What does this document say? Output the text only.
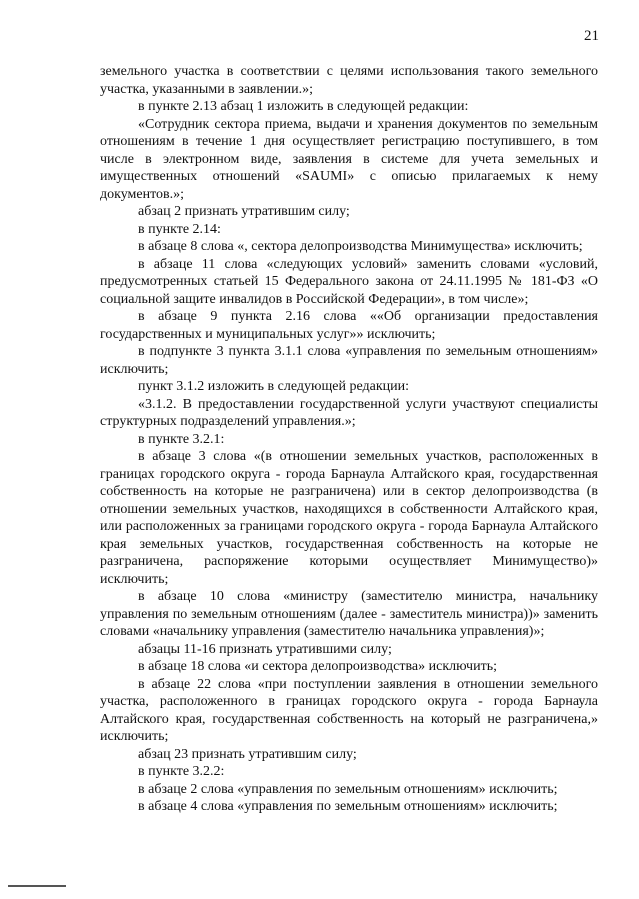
21

земельного участка в соответствии с целями использования такого земельного участка, указанными в заявлении.»;

в пункте 2.13 абзац 1 изложить в следующей редакции:

«Сотрудник сектора приема, выдачи и хранения документов по земельным отношениям в течение 1 дня осуществляет регистрацию поступившего, в том числе в электронном виде, заявления в системе для учета земельных и имущественных отношений «SAUMI» с описью прилагаемых к нему документов.»;

абзац 2 признать утратившим силу;

в пункте 2.14:

в абзаце 8 слова «, сектора делопроизводства Минимущества» исключить;

в абзаце 11 слова «следующих условий» заменить словами «условий, предусмотренных статьей 15 Федерального закона от 24.11.1995 № 181-ФЗ «О социальной защите инвалидов в Российской Федерации», в том числе»;

в абзаце 9 пункта 2.16 слова ««Об организации предоставления государственных и муниципальных услуг»» исключить;

в подпункте 3 пункта 3.1.1 слова «управления по земельным отношениям» исключить;

пункт 3.1.2 изложить в следующей редакции:

«3.1.2. В предоставлении государственной услуги участвуют специалисты структурных подразделений управления.»;

в пункте 3.2.1:

в абзаце 3 слова «(в отношении земельных участков, расположенных в границах городского округа - города Барнаула Алтайского края, государственная собственность на которые не разграничена) или в сектор делопроизводства (в отношении земельных участков, находящихся в собственности Алтайского края, или расположенных за границами городского округа - города Барнаула Алтайского края земельных участков, государственная собственность на которые не разграничена, распоряжение которыми осуществляет Минимущество)» исключить;

в абзаце 10 слова «министру (заместителю министра, начальнику управления по земельным отношениям (далее - заместитель министра))» заменить словами «начальнику управления (заместителю начальника управления)»;

абзацы 11-16 признать утратившими силу;

в абзаце 18 слова «и сектора делопроизводства» исключить;

в абзаце 22 слова «при поступлении заявления в отношении земельного участка, расположенного в границах городского округа - города Барнаула Алтайского края, государственная собственность на который не разграничена,» исключить;

абзац 23 признать утратившим силу;

в пункте 3.2.2:

в абзаце 2 слова «управления по земельным отношениям» исключить;

в абзаце 4 слова «управления по земельным отношениям» исключить;
